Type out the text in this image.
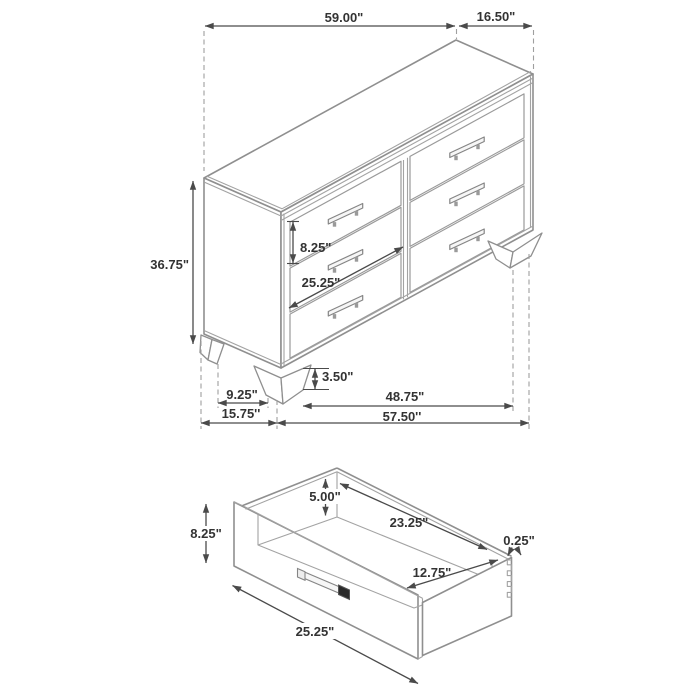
59.00"	16.50"
36.75"
8.25"
25.25"
3.50"
9.25"
15.75''
48.75"
57.50''
8.25"
5.00"
23.25"
0.25"
12.75"
25.25"
